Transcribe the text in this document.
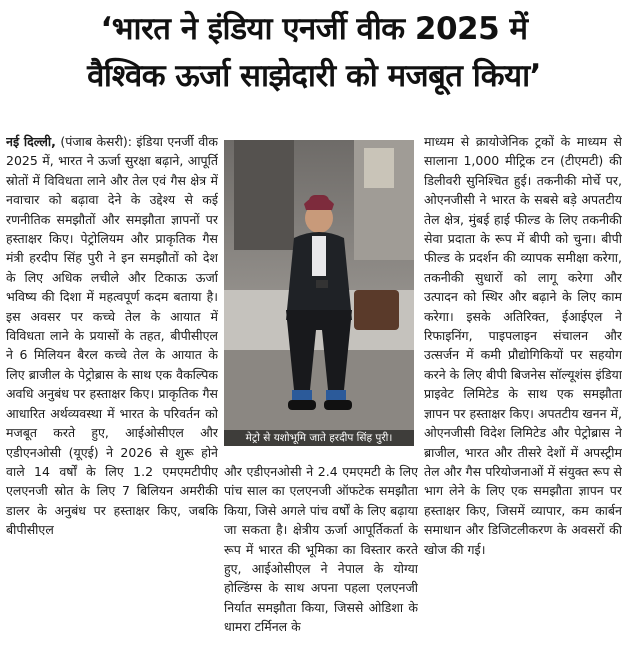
‘भारत ने इंडिया एनर्जी वीक 2025 में
वैश्विक ऊर्जा साझेदारी को मजबूत किया’
नई दिल्ली, (पंजाब केसरी): इंडिया एनर्जी वीक 2025 में, भारत ने ऊर्जा सुरक्षा बढ़ाने, आपूर्ति स्रोतों में विविधता लाने और तेल एवं गैस क्षेत्र में नवाचार को बढ़ावा देने के उद्देश्य से कई रणनीतिक समझौतों और समझौता ज्ञापनों पर हस्ताक्षर किए। पेट्रोलियम और प्राकृतिक गैस मंत्री हरदीप सिंह पुरी ने इन समझौतों को देश के लिए अधिक लचीले और टिकाऊ ऊर्जा भविष्य की दिशा में महत्वपूर्ण कदम बताया है। इस अवसर पर कच्चे तेल के आयात में विविधता लाने के प्रयासों के तहत, बीपीसीएल ने 6 मिलियन बैरल कच्चे तेल के आयात के लिए ब्राजील के पेट्रोब्रास के साथ एक वैकल्पिक अवधि अनुबंध पर हस्ताक्षर किए। प्राकृतिक गैस आधारित अर्थव्यवस्था में भारत के परिवर्तन को मजबूत करते हुए, आईओसीएल और एडीएनओसी (यूएई) ने 2026 से शुरू होने वाले 14 वर्षों के लिए 1.2 एमएमटीपीए एलएनजी स्रोत के लिए 7 बिलियन अमरीकी डालर के अनुबंध पर हस्ताक्षर किए, जबकि बीपीसीएल
मेट्रो से यशोभूमि जाते हरदीप सिंह पुरी।
और एडीएनओसी ने 2.4 एमएमटी के लिए पांच साल का एलएनजी ऑफटेक समझौता किया, जिसे अगले पांच वर्षों के लिए बढ़ाया जा सकता है। क्षेत्रीय ऊर्जा आपूर्तिकर्ता के रूप में भारत की भूमिका का विस्तार करते हुए, आईओसीएल ने नेपाल के योग्या होल्डिंग्स के साथ अपना पहला एलएनजी निर्यात समझौता किया, जिससे ओडिशा के धामरा टर्मिनल के
माध्यम से क्रायोजेनिक ट्रकों के माध्यम से सालाना 1,000 मीट्रिक टन (टीएमटी) की डिलीवरी सुनिश्चित हुई। तकनीकी मोर्चे पर, ओएनजीसी ने भारत के सबसे बड़े अपतटीय तेल क्षेत्र, मुंबई हाई फील्ड के लिए तकनीकी सेवा प्रदाता के रूप में बीपी को चुना। बीपी फील्ड के प्रदर्शन की व्यापक समीक्षा करेगा, तकनीकी सुधारों को लागू करेगा और उत्पादन को स्थिर और बढ़ाने के लिए काम करेगा। इसके अतिरिक्त, ईआईएल ने रिफाइनिंग, पाइपलाइन संचालन और उत्सर्जन में कमी प्रौद्योगिकियों पर सहयोग करने के लिए बीपी बिजनेस सॉल्यूशंस इंडिया प्राइवेट लिमिटेड के साथ एक समझौता ज्ञापन पर हस्ताक्षर किए। अपतटीय खनन में, ओएनजीसी विदेश लिमिटेड और पेट्रोब्रास ने ब्राजील, भारत और तीसरे देशों में अपस्ट्रीम तेल और गैस परियोजनाओं में संयुक्त रूप से भाग लेने के लिए एक समझौता ज्ञापन पर हस्ताक्षर किए, जिसमें व्यापार, कम कार्बन समाधान और डिजिटलीकरण के अवसरों की खोज की गई।
